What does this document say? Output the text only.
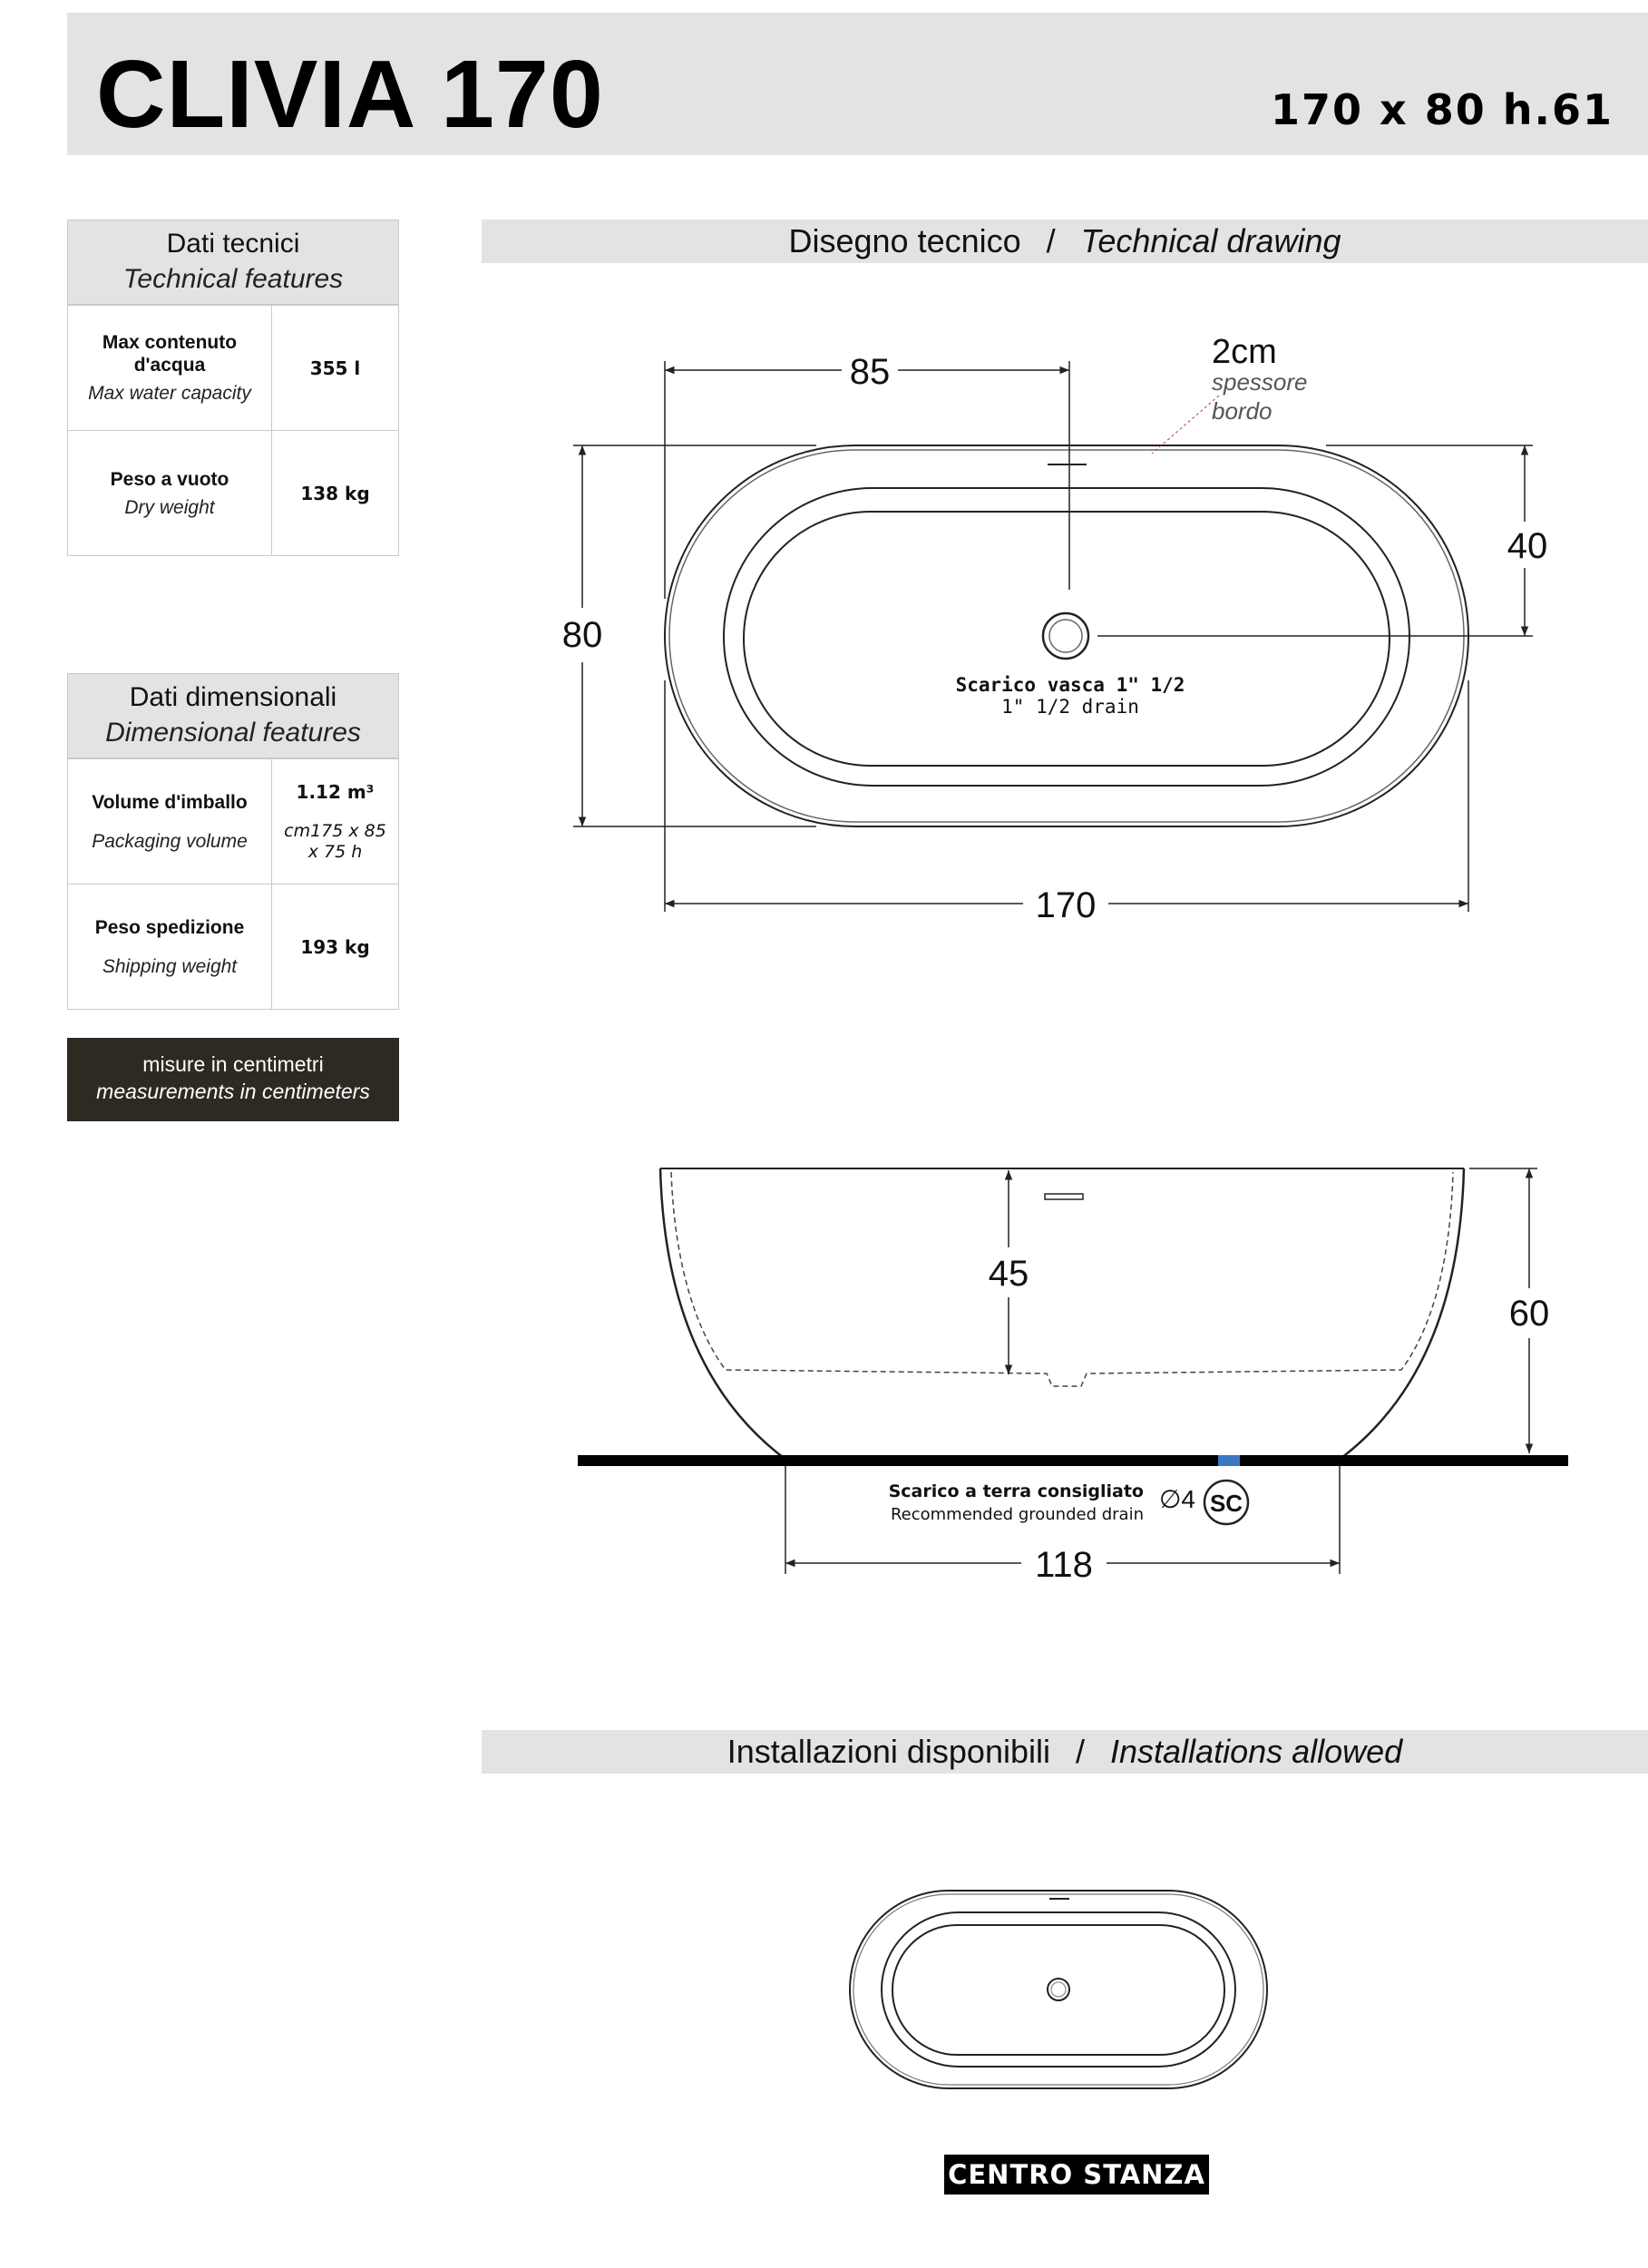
CLIVIA 170	170 x 80 h.61
Dati tecnici
Technical features
Max contenuto d'acqua
Max water capacity
355 l
Peso a vuoto
Dry weight
138 kg
Dati dimensionali
Dimensional features
Volume d'imballo
Packaging volume
1.12 m³
cm175 x 85 x 75 h
Peso spedizione
Shipping weight
193 kg
misure in centimetri
measurements in centimeters
Disegno tecnico / Technical drawing
85	2cm
spessore
bordo
80
40
Scarico vasca 1" 1/2
1" 1/2 drain
170
45
60
118
Scarico a terra consigliato
Recommended grounded drain
∅4 SC
Installazioni disponibili / Installations allowed
CENTRO STANZA
